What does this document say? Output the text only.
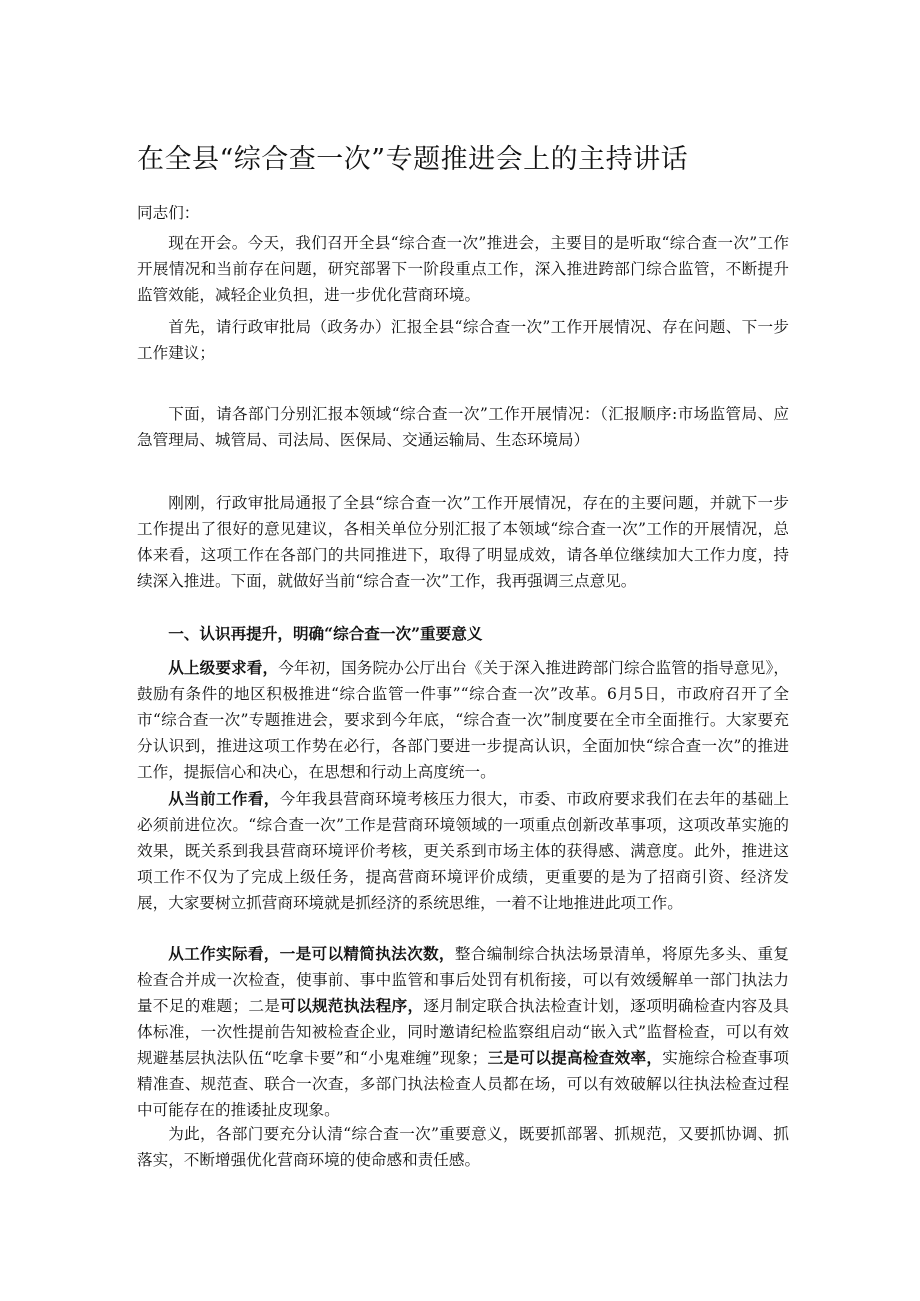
在全县“综合查一次”专题推进会上的主持讲话

同志们：

现在开会。今天，我们召开全县“综合查一次”推进会，主要目的是听取“综合查一次”工作开展情况和当前存在问题，研究部署下一阶段重点工作，深入推进跨部门综合监管，不断提升监管效能，减轻企业负担，进一步优化营商环境。

首先，请行政审批局（政务办）汇报全县“综合查一次”工作开展情况、存在问题、下一步工作建议；

下面，请各部门分别汇报本领域“综合查一次”工作开展情况：（汇报顺序:市场监管局、应急管理局、城管局、司法局、医保局、交通运输局、生态环境局）

刚刚，行政审批局通报了全县“综合查一次”工作开展情况，存在的主要问题，并就下一步工作提出了很好的意见建议，各相关单位分别汇报了本领域“综合查一次”工作的开展情况，总体来看，这项工作在各部门的共同推进下，取得了明显成效，请各单位继续加大工作力度，持续深入推进。下面，就做好当前“综合查一次”工作，我再强调三点意见。

一、认识再提升，明确“综合查一次”重要意义

从上级要求看，今年初，国务院办公厅出台《关于深入推进跨部门综合监管的指导意见》，鼓励有条件的地区积极推进“综合监管一件事”“综合查一次”改革。6月5日，市政府召开了全市“综合查一次”专题推进会，要求到今年底，“综合查一次”制度要在全市全面推行。大家要充分认识到，推进这项工作势在必行，各部门要进一步提高认识，全面加快“综合查一次”的推进工作，提振信心和决心，在思想和行动上高度统一。

从当前工作看，今年我县营商环境考核压力很大，市委、市政府要求我们在去年的基础上必须前进位次。“综合查一次”工作是营商环境领域的一项重点创新改革事项，这项改革实施的效果，既关系到我县营商环境评价考核，更关系到市场主体的获得感、满意度。此外，推进这项工作不仅为了完成上级任务，提高营商环境评价成绩，更重要的是为了招商引资、经济发展，大家要树立抓营商环境就是抓经济的系统思维，一着不让地推进此项工作。

从工作实际看，一是可以精简执法次数，整合编制综合执法场景清单，将原先多头、重复检查合并成一次检查，使事前、事中监管和事后处罚有机衔接，可以有效缓解单一部门执法力量不足的难题；二是可以规范执法程序，逐月制定联合执法检查计划，逐项明确检查内容及具体标准，一次性提前告知被检查企业，同时邀请纪检监察组启动“嵌入式”监督检查，可以有效规避基层执法队伍“吃拿卡要”和“小鬼难缠”现象；三是可以提高检查效率，实施综合检查事项精准查、规范查、联合一次查，多部门执法检查人员都在场，可以有效破解以往执法检查过程中可能存在的推诿扯皮现象。

为此，各部门要充分认清“综合查一次”重要意义，既要抓部署、抓规范，又要抓协调、抓落实，不断增强优化营商环境的使命感和责任感。
